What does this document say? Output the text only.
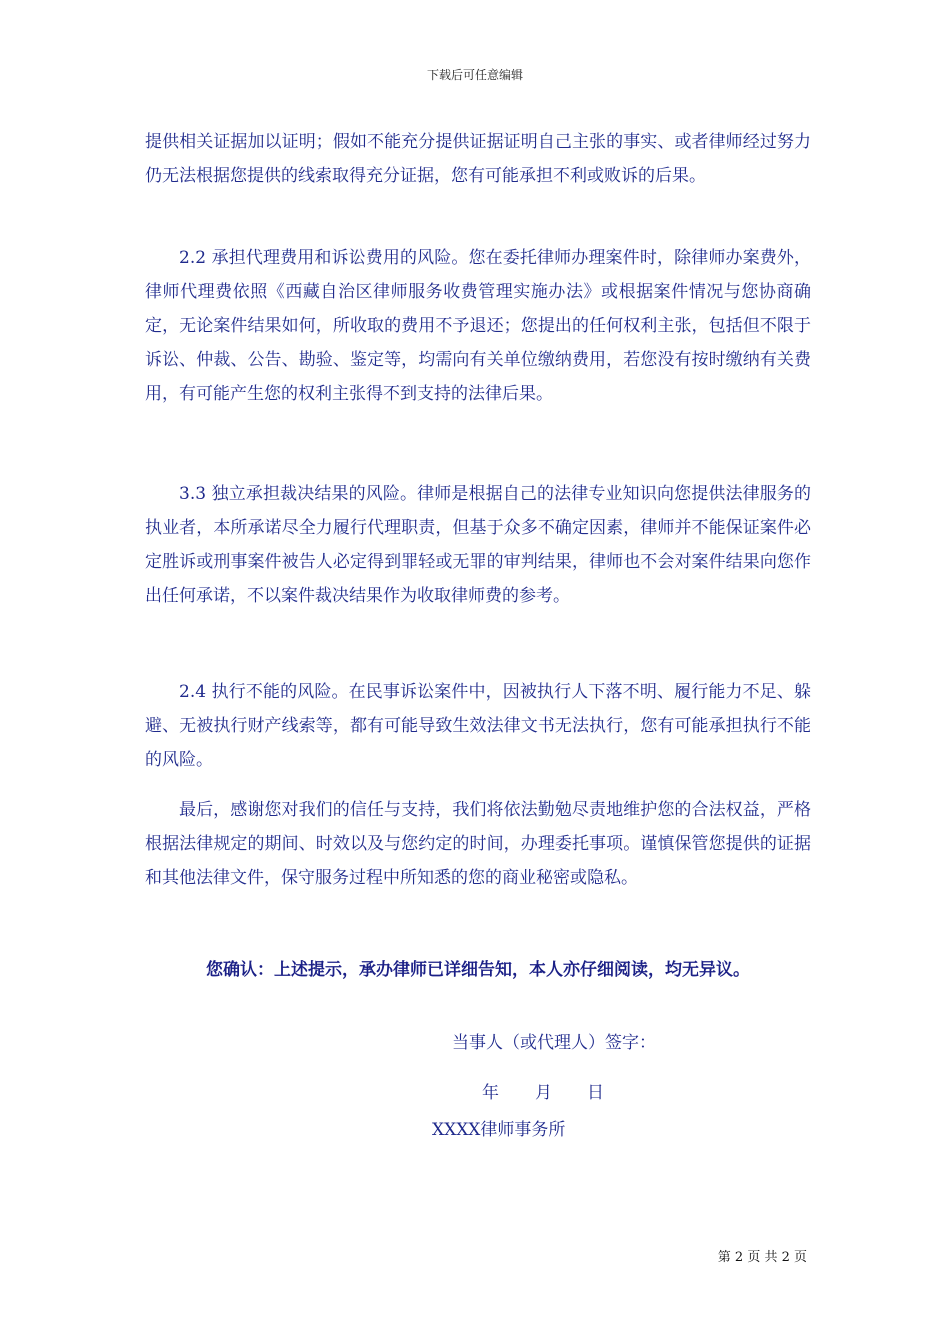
下载后可任意编辑

提供相关证据加以证明；假如不能充分提供证据证明自己主张的事实、或者律师经过努力仍无法根据您提供的线索取得充分证据，您有可能承担不利或败诉的后果。

2.2 承担代理费用和诉讼费用的风险。您在委托律师办理案件时，除律师办案费外，律师代理费依照《西藏自治区律师服务收费管理实施办法》或根据案件情况与您协商确定，无论案件结果如何，所收取的费用不予退还；您提出的任何权利主张，包括但不限于诉讼、仲裁、公告、勘验、鉴定等，均需向有关单位缴纳费用，若您没有按时缴纳有关费用，有可能产生您的权利主张得不到支持的法律后果。

3.3 独立承担裁决结果的风险。律师是根据自己的法律专业知识向您提供法律服务的执业者，本所承诺尽全力履行代理职责，但基于众多不确定因素，律师并不能保证案件必定胜诉或刑事案件被告人必定得到罪轻或无罪的审判结果，律师也不会对案件结果向您作出任何承诺，不以案件裁决结果作为收取律师费的参考。

2.4 执行不能的风险。在民事诉讼案件中，因被执行人下落不明、履行能力不足、躲避、无被执行财产线索等，都有可能导致生效法律文书无法执行，您有可能承担执行不能的风险。

最后，感谢您对我们的信任与支持，我们将依法勤勉尽责地维护您的合法权益，严格根据法律规定的期间、时效以及与您约定的时间，办理委托事项。谨慎保管您提供的证据和其他法律文件，保守服务过程中所知悉的您的商业秘密或隐私。

您确认：上述提示，承办律师已详细告知，本人亦仔细阅读，均无异议。
当事人（或代理人）签字：
年 月 日
XXXX律师事务所
第 2 页 共 2 页
